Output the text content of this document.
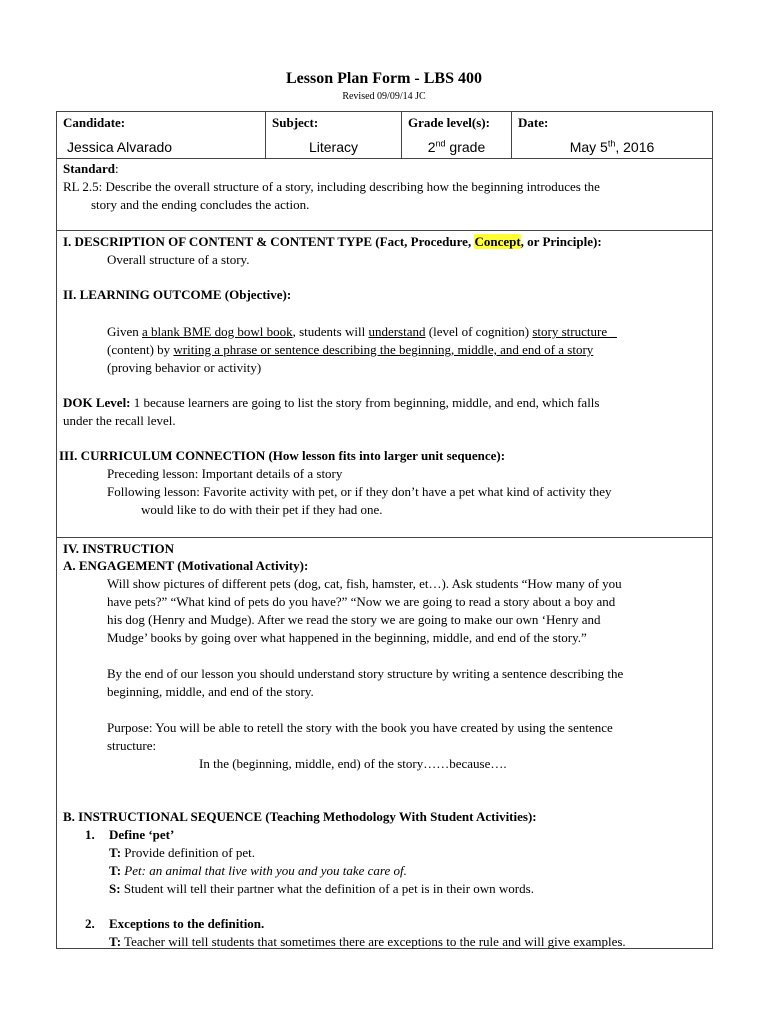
Lesson Plan Form - LBS 400
Revised 09/09/14 JC
Candidate:
Jessica Alvarado
Subject:
Literacy
Grade level(s):
2nd grade
Date:
May 5th, 2016
Standard:
RL 2.5: Describe the overall structure of a story, including describing how the beginning introduces the
story and the ending concludes the action.
I. DESCRIPTION OF CONTENT & CONTENT TYPE (Fact, Procedure, Concept, or Principle):
Overall structure of a story.
II. LEARNING OUTCOME (Objective):
Given a blank BME dog bowl book, students will understand (level of cognition) story structure _
(content) by writing a phrase or sentence describing the beginning, middle, and end of a story
(proving behavior or activity)
DOK Level: 1 because learners are going to list the story from beginning, middle, and end, which falls
under the recall level.
III. CURRICULUM CONNECTION (How lesson fits into larger unit sequence):
Preceding lesson: Important details of a story
Following lesson: Favorite activity with pet, or if they don’t have a pet what kind of activity they
would like to do with their pet if they had one.
IV. INSTRUCTION
A. ENGAGEMENT (Motivational Activity):
Will show pictures of different pets (dog, cat, fish, hamster, et…). Ask students “How many of you
have pets?” “What kind of pets do you have?” “Now we are going to read a story about a boy and
his dog (Henry and Mudge). After we read the story we are going to make our own ‘Henry and
Mudge’ books by going over what happened in the beginning, middle, and end of the story.”
By the end of our lesson you should understand story structure by writing a sentence describing the
beginning, middle, and end of the story.
Purpose: You will be able to retell the story with the book you have created by using the sentence
structure:
In the (beginning, middle, end) of the story……because….
B. INSTRUCTIONAL SEQUENCE (Teaching Methodology With Student Activities):
1. Define ‘pet’
T: Provide definition of pet.
T: Pet: an animal that live with you and you take care of.
S: Student will tell their partner what the definition of a pet is in their own words.
2. Exceptions to the definition.
T: Teacher will tell students that sometimes there are exceptions to the rule and will give examples.
